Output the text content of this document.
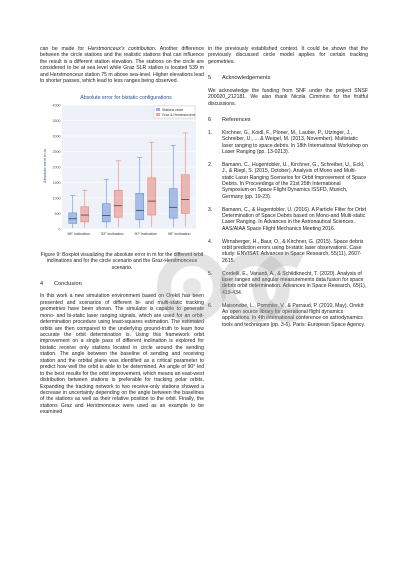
can be made for Herstmonceux's contribution. Another difference between the circle stations and the realistic stations that can influence the result is a different station elevation. The stations on the circle are considered to be at sea level while Graz SLR station is located 539 m and Herstmonceux station 75 m above sea-level. Higher elevations lead to shorter passes, which lead to less ranges being observed.

Absolute error for bistatic configurations
Absolute error in m
0
500
1000
1500
2000
2500
3000
3500
4000
98° inclination	53° inclination	90° inclination	98° inclination
Stations circle
Graz & Herstmonceux

Figure 9: Boxplot visualizing the absolute error in m for the different orbit inclinations and for the circle scenario and the Graz-Herstmonceux scenario.

4 Conclusion

In this work a new simulation environment based on Orekit has been presented and scenarios of different bi- and multi-static tracking geometries have been shown. The simulator is capable to generate mono- and bi-static laser ranging signals, which are used for an orbit-determination procedure using least-squares estimation. The estimated orbits are then compared to the underlying ground-truth to learn how accurate the orbit determination is. Using this framework orbit improvement on a single pass of different inclination is explored for bistatic receive only stations located in circle around the sending station. The angle between the baseline of sending and receiving station and the orbital plane was identified as a critical parameter to predict how well the orbit is able to be determined. An angle of 90° led to the best results for the orbit improvement, which means an east-west distribution between stations is preferable for tracking polar orbits. Expanding the tracking network to two receive-only stations showed a decrease in uncertainty depending on the angle between the baselines of the stations as well as their relative position to the orbit. Finally, the stations Graz and Herstmonceux were used as an example to be examined

in the previously established context. It could be shown that the previously discussed circle model applies for certain tracking geometries.

5 Acknowledgements

We acknowledge the funding from SNF under the project SNSF 200020_212181. We also thank Nicola Cimmino for the fruitful discussions.

6 References
1. Kirchner, G., Koidl, F., Ploner, M., Lauber, P., Utzinger, J., Schreiber, U., ... & Weigel, M. (2013, November). Multistatic laser ranging to space debris. In 18th International Workshop on Laser Ranging (pp. 13-0213).
2. Bamann, C., Hugentobler, U., Kirchner, G., Schreiber, U., Eckl, J., & Riepl, S. (2015, October). Analysis of Mono and Multi-static Laser Ranging Scenarios for Orbit Improvement of Space Debris. In Proceedings of the 21st 25th International Symposium on Space Flight Dynamics ISSFD, Munich, Germany (pp. 19-23).
3. Bamann, C., & Hugentobler, U. (2016). A Particle Filter for Orbit Determination of Space Debris based on Mono-and Multi-static Laser Ranging. In Advances in the Astronautical Sciences. AAS/AIAA Space Flight Mechanics Meeting 2016.
4. Wirnsberger, H., Baur, O., & Kirchner, G. (2015). Space debris orbit prediction errors using bi-static laser observations. Case study: ENVISAT. Advances in Space Research, 55(11), 2607-2615.
5. Cordelli, E., Vananti, A., & Schildknecht, T. (2020). Analysis of laser ranges and angular measurements data fusion for space debris orbit determination. Advances in Space Research, 65(1), 419-434.
6. Maisonobe, L., Pommier, V., & Parraud, P. (2010, May). Orekit: An open source library for operational flight dynamics applications. In 4th international conference on astrodynamics tools and techniques (pp. 3-6). Paris: European Space Agency.
